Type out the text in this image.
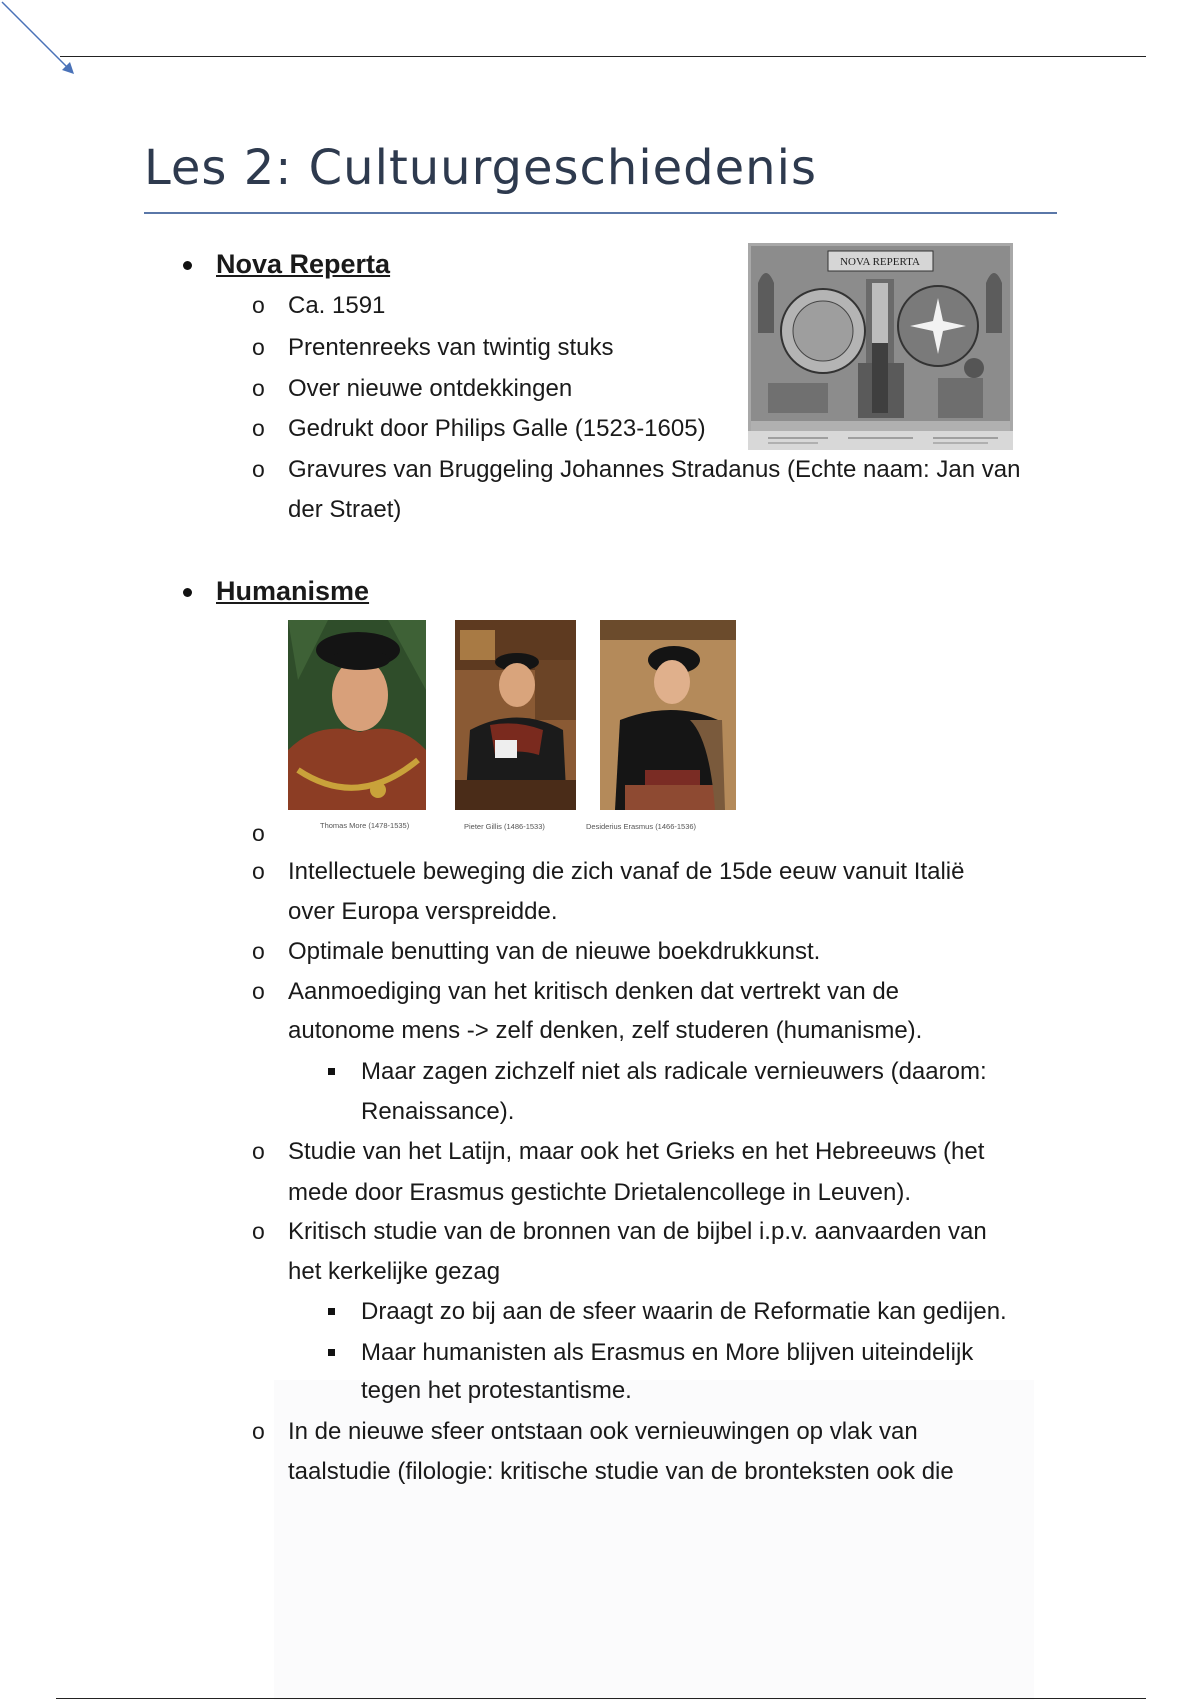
Les 2: Cultuurgeschiedenis
Nova Reperta
o Ca. 1591
o Prentenreeks van twintig stuks
o Over nieuwe ontdekkingen
o Gedrukt door Philips Galle (1523-1605)
o Gravures van Bruggeling Johannes Stradanus (Echte naam: Jan van
der Straet)
NOVA REPERTA
Humanisme
Thomas More (1478-1535)	Pieter Gillis (1486-1533)	Desiderius Erasmus (1466-1536)
o
o Intellectuele beweging die zich vanaf de 15de eeuw vanuit Italië
over Europa verspreidde.
o Optimale benutting van de nieuwe boekdrukkunst.
o Aanmoediging van het kritisch denken dat vertrekt van de
autonome mens -> zelf denken, zelf studeren (humanisme).
Maar zagen zichzelf niet als radicale vernieuwers (daarom:
Renaissance).
o Studie van het Latijn, maar ook het Grieks en het Hebreeuws (het
mede door Erasmus gestichte Drietalencollege in Leuven).
o Kritisch studie van de bronnen van de bijbel i.p.v. aanvaarden van
het kerkelijke gezag
Draagt zo bij aan de sfeer waarin de Reformatie kan gedijen.
Maar humanisten als Erasmus en More blijven uiteindelijk
tegen het protestantisme.
o In de nieuwe sfeer ontstaan ook vernieuwingen op vlak van
taalstudie (filologie: kritische studie van de bronteksten ook die
